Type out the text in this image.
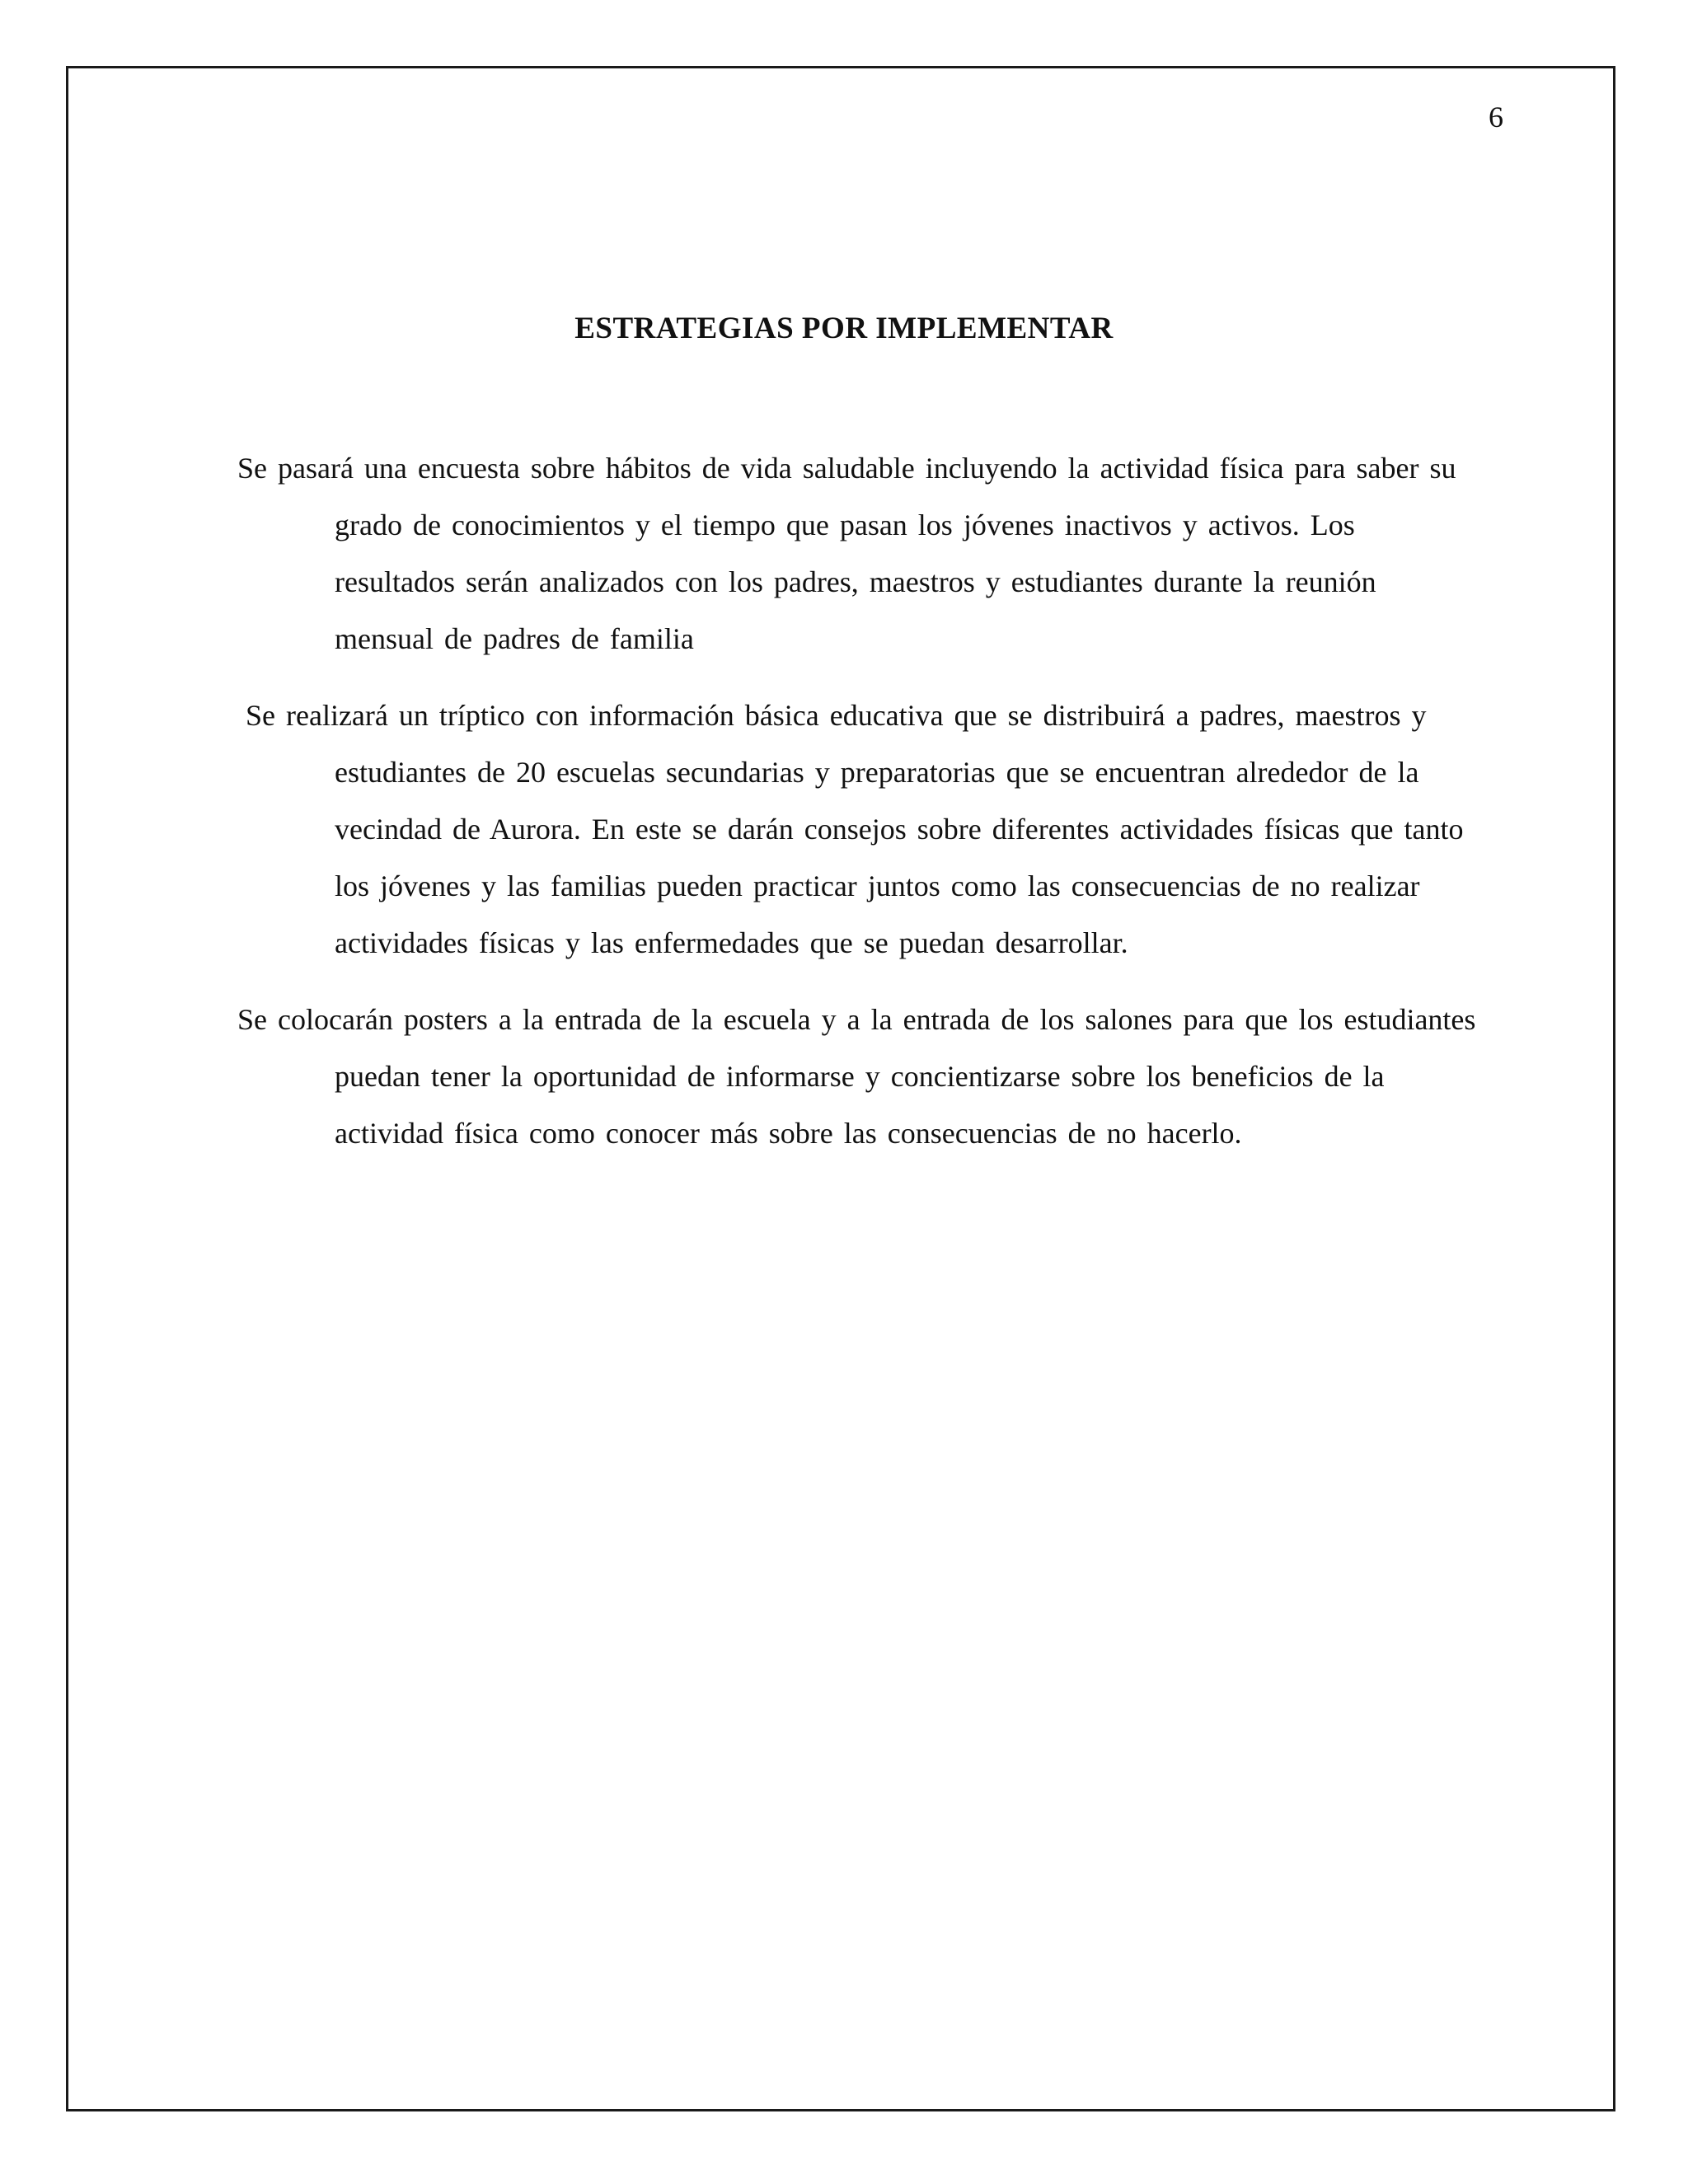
6
ESTRATEGIAS POR IMPLEMENTAR

Se pasará una encuesta sobre hábitos de vida saludable incluyendo la actividad física para saber su grado de conocimientos y el tiempo que pasan los jóvenes inactivos y activos. Los resultados serán analizados con los padres, maestros y estudiantes durante la reunión mensual de padres de familia

Se realizará un tríptico con información básica educativa que se distribuirá a padres, maestros y estudiantes de 20 escuelas secundarias y preparatorias que se encuentran alrededor de la vecindad de Aurora. En este se darán consejos sobre diferentes actividades físicas que tanto los jóvenes y las familias pueden practicar juntos como las consecuencias de no realizar actividades físicas y las enfermedades que se puedan desarrollar.

Se colocarán posters a la entrada de la escuela y a la entrada de los salones para que los estudiantes puedan tener la oportunidad de informarse y concientizarse sobre los beneficios de la actividad física como conocer más sobre las consecuencias de no hacerlo.
